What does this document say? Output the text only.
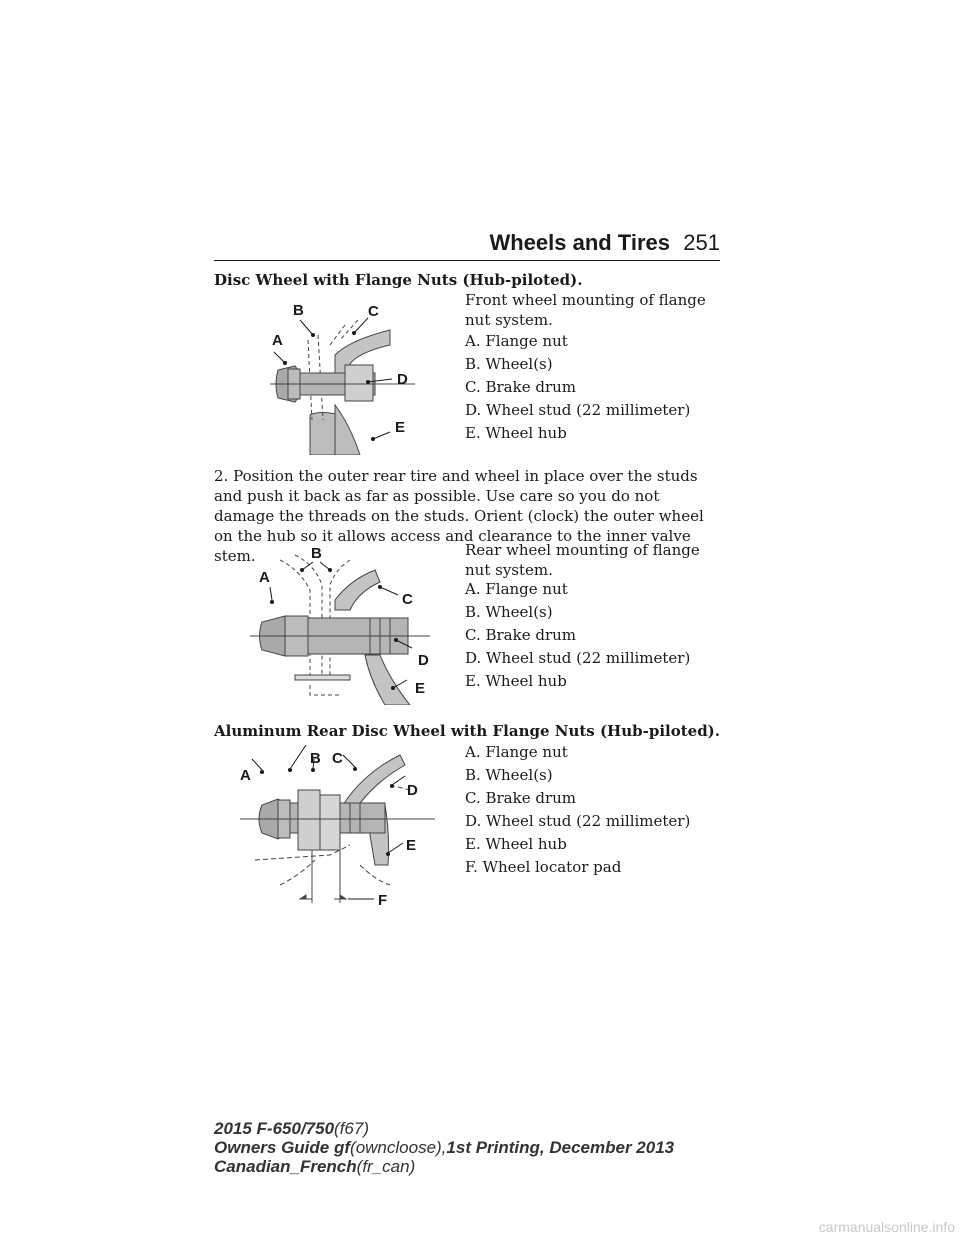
Wheels and Tires 251
Disc Wheel with Flange Nuts (Hub-piloted).
A
B	C
D
E
Front wheel mounting of flange nut system.
A. Flange nut
B. Wheel(s)
C. Brake drum
D. Wheel stud (22 millimeter)
E. Wheel hub
2. Position the outer rear tire and wheel in place over the studs and push it back as far as possible. Use care so you do not damage the threads on the studs. Orient (clock) the outer wheel on the hub so it allows access and clearance to the inner valve stem.
A
B
C
D
E
Rear wheel mounting of flange nut system.
A. Flange nut
B. Wheel(s)
C. Brake drum
D. Wheel stud (22 millimeter)
E. Wheel hub
Aluminum Rear Disc Wheel with Flange Nuts (Hub-piloted).
A
B C
D
E
F
A. Flange nut
B. Wheel(s)
C. Brake drum
D. Wheel stud (22 millimeter)
E. Wheel hub
F. Wheel locator pad
2015 F-650/750(f67)
Owners Guide gf(owncloose),1st Printing, December 2013
Canadian_French(fr_can)
carmanualsonline.info
